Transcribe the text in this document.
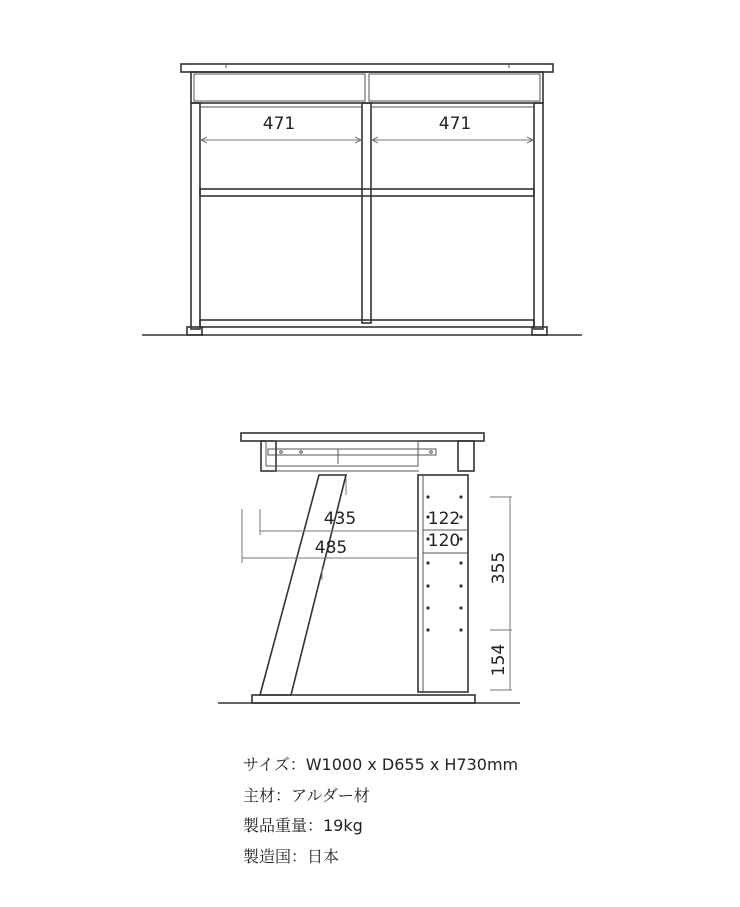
471	471
435
485
122
120
355
154
サイズ：W1000 x D655 x H730mm
主材：アルダー材
製品重量：19kg
製造国：日本
